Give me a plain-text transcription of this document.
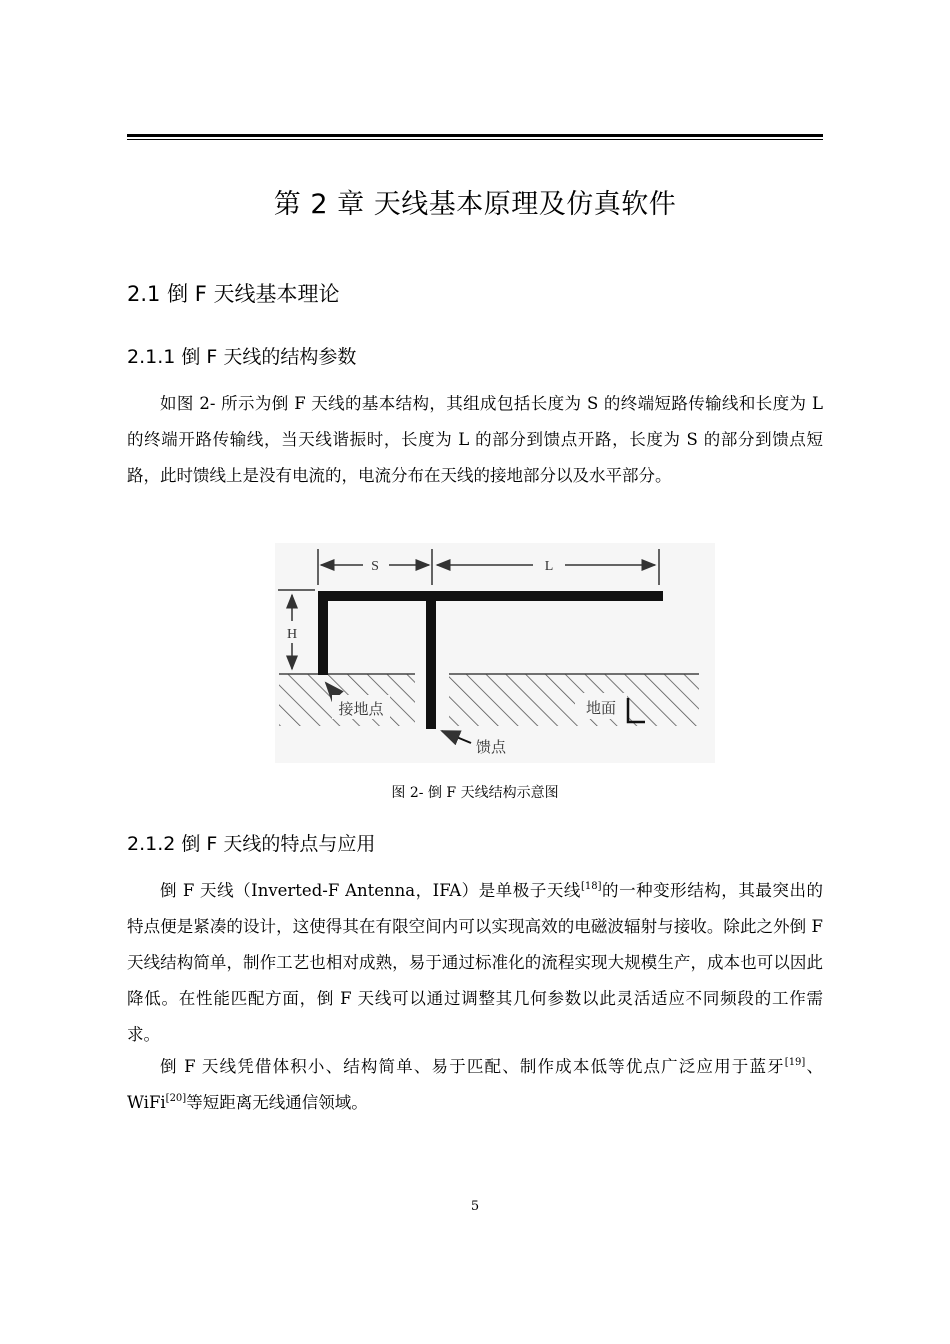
第 2 章 天线基本原理及仿真软件
2.1 倒 F 天线基本理论
2.1.1 倒 F 天线的结构参数

如图 2- 所示为倒 F 天线的基本结构，其组成包括长度为 S 的终端短路传输线和长度为 L 的终端开路传输线，当天线谐振时，长度为 L 的部分到馈点开路，长度为 S 的部分到馈点短路，此时馈线上是没有电流的，电流分布在天线的接地部分以及水平部分。

S	L
H
接地点	地面
馈点
图 2- 倒 F 天线结构示意图
2.1.2 倒 F 天线的特点与应用

倒 F 天线（Inverted-F Antenna，IFA）是单极子天线[18]的一种变形结构，其最突出的特点便是紧凑的设计，这使得其在有限空间内可以实现高效的电磁波辐射与接收。除此之外倒 F 天线结构简单，制作工艺也相对成熟，易于通过标准化的流程实现大规模生产，成本也可以因此降低。在性能匹配方面，倒 F 天线可以通过调整其几何参数以此灵活适应不同频段的工作需求。

倒 F 天线凭借体积小、结构简单、易于匹配、制作成本低等优点广泛应用于蓝牙[19]、WiFi[20]等短距离无线通信领域。

5
